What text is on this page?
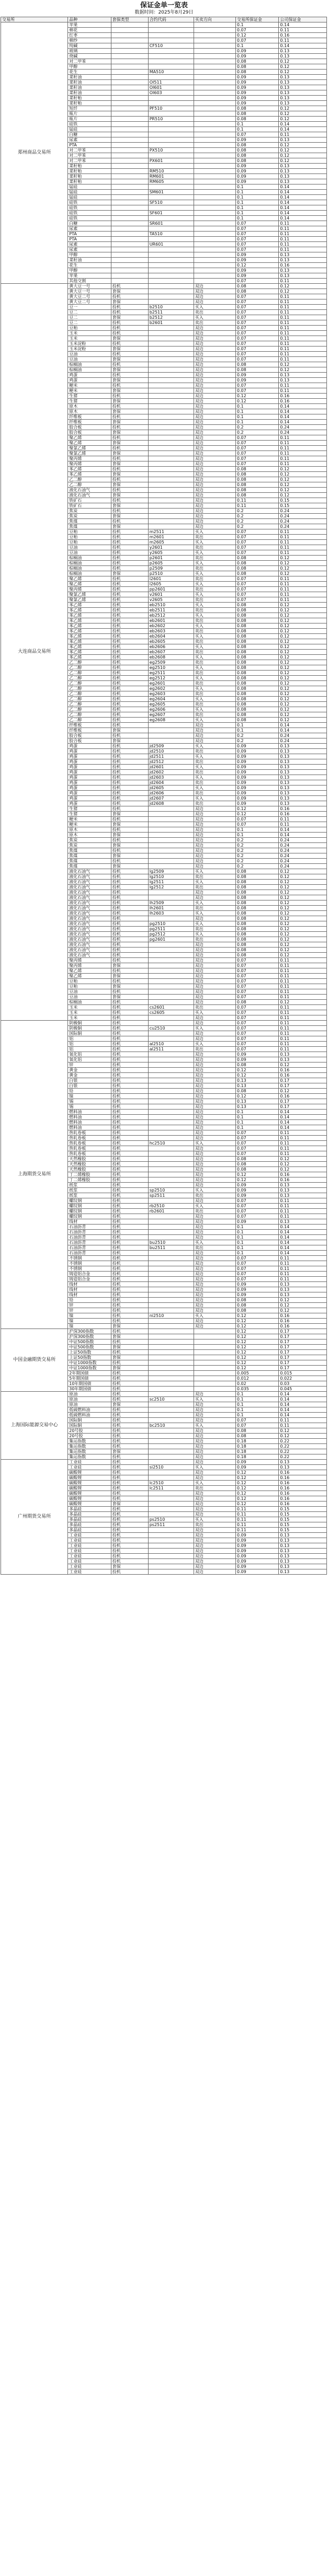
保证金单一览表
数据时间：2025年8月29日
交易所	品种	套保类型	合约代码	买卖方向	交易所保证金	公司保证金
郑州商品交易所	苹果				0.1	0.14
	棉花				0.07	0.11
	红枣				0.12	0.16
	棉纱				0.07	0.11
	纯碱		CF510		0.1	0.14
	玻璃				0.09	0.13
	烧碱				0.09	0.13
	对二甲苯				0.08	0.12
	甲醇				0.08	0.12
	花生		MA510		0.08	0.12
	菜籽油				0.09	0.13
	菜籽油		OI511		0.09	0.13
	菜籽油		OI601		0.09	0.13
	菜籽油		OI603		0.09	0.13
	菜籽粕				0.09	0.13
	菜籽粕				0.09	0.13
	短纤		PF510		0.08	0.12
	瓶片				0.08	0.12
	瓶片		PR510		0.08	0.12
	硅铁				0.1	0.14
	锰硅				0.1	0.14
	白糖				0.07	0.11
	尿素				0.09	0.13
	PTA				0.08	0.12
	对二甲苯		PX510		0.08	0.12
	对二甲苯				0.08	0.12
	对二甲苯		PX601		0.08	0.12
	菜籽粕				0.09	0.13
	菜籽粕		RM510		0.09	0.13
	菜籽粕		RM601		0.09	0.13
	菜籽粕		RM605		0.09	0.13
	锰硅				0.1	0.14
	锰硅		SM601		0.1	0.14
	锰硅				0.1	0.14
	硅铁		SF510		0.1	0.14
	硅铁				0.1	0.14
	硅铁		SF601		0.1	0.14
	硅铁				0.1	0.14
	白糖		SR601		0.07	0.11
	尿素				0.07	0.11
	PTA		TA510		0.07	0.11
	PTA				0.07	0.11
	尿素		UR601		0.07	0.11
	尿素				0.07	0.11
	甲醇				0.09	0.13
	菜籽油				0.09	0.13
	花生				0.12	0.16
	甲醇				0.09	0.13
	苹果				0.09	0.13
	其他交割				0.07	0.11
大连商品交易所	黄大豆一号	投机		双边	0.08	0.12
	黄大豆一号	套保		双边	0.08	0.12
	黄大豆二号	投机		双边	0.07	0.11
	黄大豆二号	套保		双边	0.07	0.11
	豆一	投机	b2510	买入	0.07	0.11
	豆二	投机	b2511	卖出	0.07	0.11
	豆二	套保	b2512	买入	0.07	0.11
	豆二	投机	b2601	卖出	0.07	0.11
	豆粕	投机		双边	0.07	0.11
	玉米	投机		双边	0.07	0.11
	玉米	套保		双边	0.07	0.11
	玉米淀粉	投机		双边	0.07	0.11
	玉米淀粉	套保		双边	0.07	0.11
	豆油	投机		双边	0.07	0.11
	豆油	套保		双边	0.07	0.11
	棕榈油	投机		双边	0.08	0.12
	棕榈油	套保		双边	0.08	0.12
	鸡蛋	投机		双边	0.09	0.13
	鸡蛋	套保		双边	0.09	0.13
	粳米	投机		双边	0.07	0.11
	粳米	套保		双边	0.07	0.11
	生猪	投机		双边	0.12	0.16
	生猪	套保		双边	0.12	0.16
	原木	投机		双边	0.1	0.14
	原木	套保		双边	0.1	0.14
	纤维板	投机		双边	0.1	0.14
	纤维板	套保		双边	0.1	0.14
	胶合板	投机		双边	0.2	0.24
	胶合板	套保		双边	0.2	0.24
	聚乙烯	投机		双边	0.07	0.11
	聚乙烯	套保		双边	0.07	0.11
	聚氯乙烯	投机		双边	0.07	0.11
	聚氯乙烯	套保		双边	0.07	0.11
	聚丙烯	投机		双边	0.07	0.11
	聚丙烯	套保		双边	0.07	0.11
	苯乙烯	投机		双边	0.08	0.12
	苯乙烯	套保		双边	0.08	0.12
	乙二醇	投机		双边	0.08	0.12
	乙二醇	套保		双边	0.08	0.12
	液化石油气	投机		双边	0.08	0.12
	液化石油气	套保		双边	0.08	0.12
	铁矿石	投机		双边	0.11	0.15
	铁矿石	套保		双边	0.11	0.15
	焦炭	投机		双边	0.2	0.24
	焦炭	套保		双边	0.2	0.24
	焦煤	投机		双边	0.2	0.24
	焦煤	套保		双边	0.2	0.24
	豆粕	投机	m2511	买入	0.07	0.11
	豆粕	投机	m2601	卖出	0.07	0.11
	豆粕	投机	m2605	买入	0.07	0.11
	豆油	投机	y2601	卖出	0.07	0.11
	豆油	投机	y2605	买入	0.07	0.11
	棕榈油	投机	p2601	卖出	0.08	0.12
	棕榈油	投机	p2605	买入	0.08	0.12
	棕榈油	投机	p2509	卖出	0.08	0.12
	棕榈油	套保	p2510	买入	0.08	0.12
	聚乙烯	投机	l2601	卖出	0.07	0.11
	聚乙烯	投机	l2605	买入	0.07	0.11
	聚丙烯	投机	pp2601	卖出	0.07	0.11
	聚氯乙烯	投机	v2601	买入	0.07	0.11
	聚氯乙烯	投机	v2605	卖出	0.07	0.11
	苯乙烯	投机	eb2510	买入	0.08	0.12
	苯乙烯	投机	eb2511	卖出	0.08	0.12
	苯乙烯	投机	eb2512	买入	0.08	0.12
	苯乙烯	投机	eb2601	卖出	0.08	0.12
	苯乙烯	投机	eb2602	买入	0.08	0.12
	苯乙烯	投机	eb2603	卖出	0.08	0.12
	苯乙烯	投机	eb2604	买入	0.08	0.12
	苯乙烯	投机	eb2605	卖出	0.08	0.12
	苯乙烯	投机	eb2606	买入	0.08	0.12
	苯乙烯	投机	eb2607	卖出	0.08	0.12
	苯乙烯	投机	eb2608	买入	0.08	0.12
	乙二醇	投机	eg2509	卖出	0.08	0.12
	乙二醇	投机	eg2510	买入	0.08	0.12
	乙二醇	投机	eg2511	卖出	0.08	0.12
	乙二醇	投机	eg2512	买入	0.08	0.12
	乙二醇	投机	eg2601	卖出	0.08	0.12
	乙二醇	投机	eg2602	买入	0.08	0.12
	乙二醇	投机	eg2603	卖出	0.08	0.12
	乙二醇	投机	eg2604	买入	0.08	0.12
	乙二醇	投机	eg2605	卖出	0.08	0.12
	乙二醇	投机	eg2606	买入	0.08	0.12
	乙二醇	投机	eg2607	卖出	0.08	0.12
	乙二醇	投机	eg2608	买入	0.08	0.12
	纤维板	投机		双边	0.1	0.14
	纤维板	套保		双边	0.1	0.14
	胶合板	投机		双边	0.2	0.24
	胶合板	套保		双边	0.2	0.24
	鸡蛋	投机	jd2509	买入	0.09	0.13
	鸡蛋	投机	jd2510	卖出	0.09	0.13
	鸡蛋	投机	jd2511	买入	0.09	0.13
	鸡蛋	投机	jd2512	卖出	0.09	0.13
	鸡蛋	投机	jd2601	买入	0.09	0.13
	鸡蛋	投机	jd2602	卖出	0.09	0.13
	鸡蛋	投机	jd2603	买入	0.09	0.13
	鸡蛋	投机	jd2604	卖出	0.09	0.13
	鸡蛋	投机	jd2605	买入	0.09	0.13
	鸡蛋	投机	jd2606	卖出	0.09	0.13
	鸡蛋	投机	jd2607	买入	0.09	0.13
	鸡蛋	投机	jd2608	卖出	0.09	0.13
	生猪	投机		双边	0.12	0.16
	生猪	套保		双边	0.12	0.16
	粳米	投机		双边	0.07	0.11
	粳米	套保		双边	0.07	0.11
	原木	投机		双边	0.1	0.14
	原木	套保		双边	0.1	0.14
	焦炭	投机		双边	0.2	0.24
	焦炭	套保		双边	0.2	0.24
	焦煤	投机		双边	0.2	0.24
	焦煤	套保		双边	0.2	0.24
	焦煤	投机		双边	0.2	0.24
	焦煤	套保		双边	0.2	0.24
	液化石油气	投机	lg2509	买入	0.08	0.12
	液化石油气	投机	lg2510	卖出	0.08	0.12
	液化石油气	投机	lg2511	买入	0.08	0.12
	液化石油气	投机	lg2512	卖出	0.08	0.12
	液化石油气	投机		双边	0.08	0.12
	液化石油气	投机		双边	0.08	0.12
	液化石油气	投机	lh2509	买入	0.08	0.12
	液化石油气	投机	lh2601	卖出	0.08	0.12
	液化石油气	投机	lh2603	买入	0.08	0.12
	液化石油气	投机		双边	0.08	0.12
	液化石油气	投机	pg2510	买入	0.08	0.12
	液化石油气	投机	pg2511	卖出	0.08	0.12
	液化石油气	投机	pg2512	买入	0.08	0.12
	液化石油气	投机	pg2601	卖出	0.08	0.12
	液化石油气	投机		双边	0.08	0.12
	液化石油气	投机		双边	0.08	0.12
	液化石油气	投机		双边	0.08	0.12
	聚丙烯	投机		双边	0.07	0.11
	聚丙烯	套保		双边	0.07	0.11
	聚乙烯	投机		双边	0.07	0.11
	聚乙烯	套保		双边	0.07	0.11
	豆粕	投机		双边	0.07	0.11
	豆粕	套保		双边	0.07	0.11
	豆油	投机		双边	0.07	0.11
	豆油	套保		双边	0.07	0.11
	棕榈油	投机		双边	0.08	0.12
	玉米	投机	cs2601	卖出	0.07	0.11
	玉米	投机	cs2605	买入	0.07	0.11
	玉米	投机		双边	0.07	0.11
上海期货交易所	阴极铜	投机		双边	0.07	0.11
	阴极铜	投机	cu2510	买入	0.07	0.11
	国际铜	投机		双边	0.07	0.11
	铝	投机		双边	0.07	0.11
	铝	投机	al2510	买入	0.07	0.11
	铝	投机	al2511	卖出	0.07	0.11
	氧化铝	投机		双边	0.09	0.13
	氧化铝	投机		双边	0.09	0.13
	锌	投机		双边	0.08	0.12
	黄金	投机		双边	0.12	0.16
	黄金	投机		双边	0.12	0.16
	白银	投机		双边	0.13	0.17
	白银	投机		双边	0.13	0.17
	铅	投机		双边	0.08	0.12
	镍	投机		双边	0.12	0.16
	锡	投机		双边	0.13	0.17
	锡	投机		双边	0.13	0.17
	燃料油	投机		双边	0.1	0.14
	燃料油	投机		双边	0.1	0.14
	燃料油	投机		双边	0.1	0.14
	燃料油	投机		双边	0.1	0.14
	热轧卷板	投机		双边	0.07	0.11
	热轧卷板	投机		双边	0.07	0.11
	热轧卷板	投机	hc2510	买入	0.07	0.11
	热轧卷板	投机		双边	0.07	0.11
	热轧卷板	投机		双边	0.07	0.11
	天然橡胶	投机		双边	0.08	0.12
	天然橡胶	投机		双边	0.08	0.12
	天然橡胶	投机		双边	0.08	0.12
	丁二烯橡胶	投机		双边	0.12	0.16
	丁二烯橡胶	投机		双边	0.12	0.16
	纸浆	投机		双边	0.09	0.13
	纸浆	投机	sp2510	买入	0.09	0.13
	纸浆	投机	sp2511	卖出	0.09	0.13
	螺纹钢	投机		双边	0.07	0.11
	螺纹钢	投机	rb2510	买入	0.07	0.11
	螺纹钢	投机	rb2601	卖出	0.07	0.11
	螺纹钢	投机		双边	0.07	0.11
	线材	投机		双边	0.09	0.13
	石油沥青	投机		双边	0.1	0.14
	石油沥青	投机		双边	0.1	0.14
	石油沥青	投机		双边	0.1	0.14
	石油沥青	投机	bu2510	买入	0.1	0.14
	石油沥青	投机	bu2511	卖出	0.1	0.14
	石油沥青	投机		双边	0.1	0.14
	不锈钢	投机		双边	0.07	0.11
	不锈钢	投机		双边	0.07	0.11
	不锈钢	投机		双边	0.07	0.11
	铸造铝合金	投机		双边	0.07	0.11
	铸造铝合金	投机		双边	0.07	0.11
	线材	投机		双边	0.09	0.13
	线材	投机		双边	0.09	0.13
	线材	投机		双边	0.09	0.13
	铅	投机		双边	0.08	0.12
	锌	投机		双边	0.08	0.12
	锌	投机		双边	0.08	0.12
	镍	投机	ni2510	买入	0.12	0.16
	镍	投机		双边	0.12	0.16
	镍	套保		双边	0.12	0.16
中国金融期货交易所	沪深300指数	投机			0.12	0.17
	沪深300指数	套保			0.12	0.17
	中证500指数	投机			0.12	0.17
	中证500指数	套保			0.12	0.17
	上证50指数	投机			0.12	0.17
	上证50指数	套保			0.12	0.17
	中证1000指数	投机			0.12	0.17
	中证1000指数	套保			0.12	0.17
	2年期国债	投机			0.005	0.015
	5年期国债	投机			0.012	0.022
	10年期国债	投机			0.02	0.03
	30年期国债	投机			0.035	0.045
上海国际能源交易中心	原油	投机		双边	0.1	0.14
	原油	投机	sc2510	买入	0.1	0.14
	原油	套保		双边	0.1	0.14
	低硫燃料油	投机		双边	0.1	0.14
	低硫燃料油	投机		双边	0.1	0.14
	国际铜	投机		双边	0.07	0.11
	国际铜	投机	bc2510	买入	0.07	0.11
	20号胶	投机		双边	0.08	0.12
	20号胶	投机		双边	0.08	0.12
	集运指数	投机		双边	0.18	0.22
	集运指数	投机		双边	0.18	0.22
	集运指数	套保		双边	0.18	0.22
	集运指数	投机		双边	0.18	0.22
广州期货交易所	工业硅	投机		双边	0.09	0.13
	工业硅	投机	si2510	买入	0.09	0.13
	碳酸锂	投机		双边	0.12	0.16
	碳酸锂	投机		双边	0.12	0.16
	碳酸锂	投机	lc2510	买入	0.12	0.16
	碳酸锂	投机	lc2511	卖出	0.12	0.16
	碳酸锂	投机		双边	0.12	0.16
	碳酸锂	投机		双边	0.12	0.16
	碳酸锂	套保		双边	0.12	0.16
	多晶硅	投机		双边	0.11	0.15
	多晶硅	投机		双边	0.11	0.15
	多晶硅	投机	ps2510	买入	0.11	0.15
	多晶硅	投机	ps2511	卖出	0.11	0.15
	多晶硅	投机		双边	0.11	0.15
	工业硅	投机		双边	0.09	0.13
	工业硅	投机		双边	0.09	0.13
	工业硅	投机		双边	0.09	0.13
	工业硅	投机		双边	0.09	0.13
	工业硅	投机		双边	0.09	0.13
	工业硅	投机		双边	0.09	0.13
	工业硅	套保		双边	0.09	0.13
	工业硅	投机		双边	0.09	0.13
